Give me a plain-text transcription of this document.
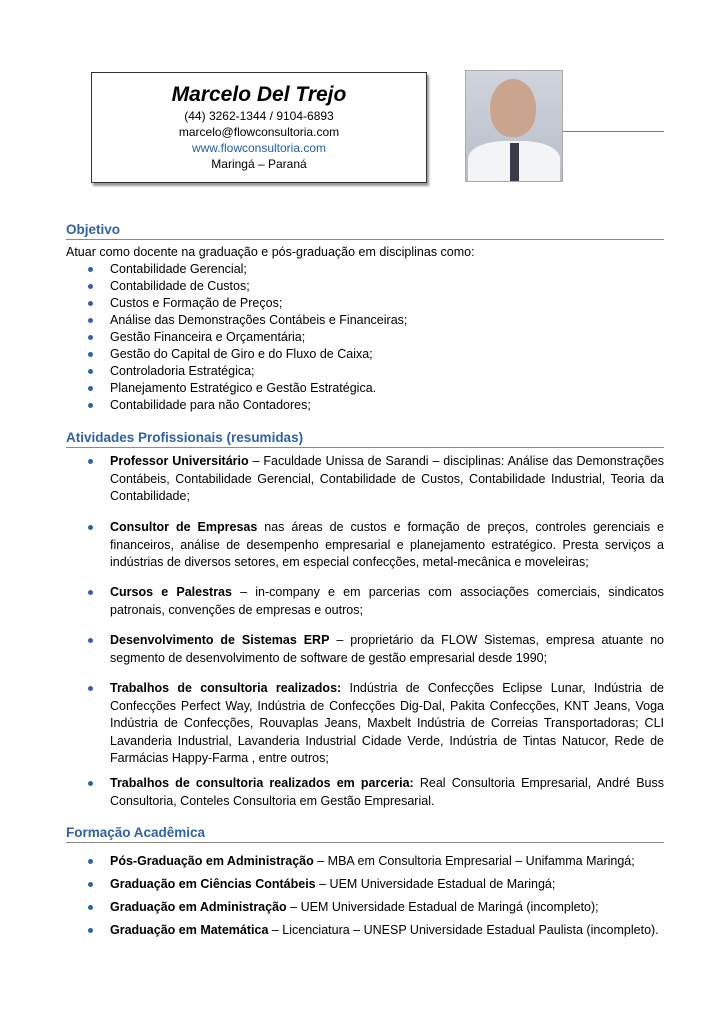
Marcelo Del Trejo
(44) 3262-1344 / 9104-6893
marcelo@flowconsultoria.com
www.flowconsultoria.com
Maringá – Paraná
Objetivo
Atuar como docente na graduação e pós-graduação em disciplinas como:
Contabilidade Gerencial;
Contabilidade de Custos;
Custos e Formação de Preços;
Análise das Demonstrações Contábeis e Financeiras;
Gestão Financeira e Orçamentária;
Gestão do Capital de Giro e do Fluxo de Caixa;
Controladoria Estratégica;
Planejamento Estratégico e Gestão Estratégica.
Contabilidade para não Contadores;
Atividades Profissionais (resumidas)
Professor Universitário – Faculdade Unissa de Sarandi – disciplinas: Análise das Demonstrações Contábeis, Contabilidade Gerencial, Contabilidade de Custos, Contabilidade Industrial, Teoria da Contabilidade;
Consultor de Empresas nas áreas de custos e formação de preços, controles gerenciais e financeiros, análise de desempenho empresarial e planejamento estratégico. Presta serviços a indústrias de diversos setores, em especial confecções, metal-mecânica e moveleiras;
Cursos e Palestras – in-company e em parcerias com associações comerciais, sindicatos patronais, convenções de empresas e outros;
Desenvolvimento de Sistemas ERP – proprietário da FLOW Sistemas, empresa atuante no segmento de desenvolvimento de software de gestão empresarial desde 1990;
Trabalhos de consultoria realizados: Indústria de Confecções Eclipse Lunar, Indústria de Confecções Perfect Way, Indústria de Confecções Dig-Dal, Pakita Confecções, KNT Jeans, Voga Indústria de Confecções, Rouvaplas Jeans, Maxbelt Indústria de Correias Transportadoras; CLI Lavanderia Industrial, Lavanderia Industrial Cidade Verde, Indústria de Tintas Natucor, Rede de Farmácias Happy-Farma , entre outros;
Trabalhos de consultoria realizados em parceria: Real Consultoria Empresarial, André Buss Consultoria, Conteles Consultoria em Gestão Empresarial.
Formação Acadêmica
Pós-Graduação em Administração – MBA em Consultoria Empresarial – Unifamma Maringá;
Graduação em Ciências Contábeis – UEM Universidade Estadual de Maringá;
Graduação em Administração – UEM Universidade Estadual de Maringá (incompleto);
Graduação em Matemática – Licenciatura – UNESP Universidade Estadual Paulista (incompleto).
